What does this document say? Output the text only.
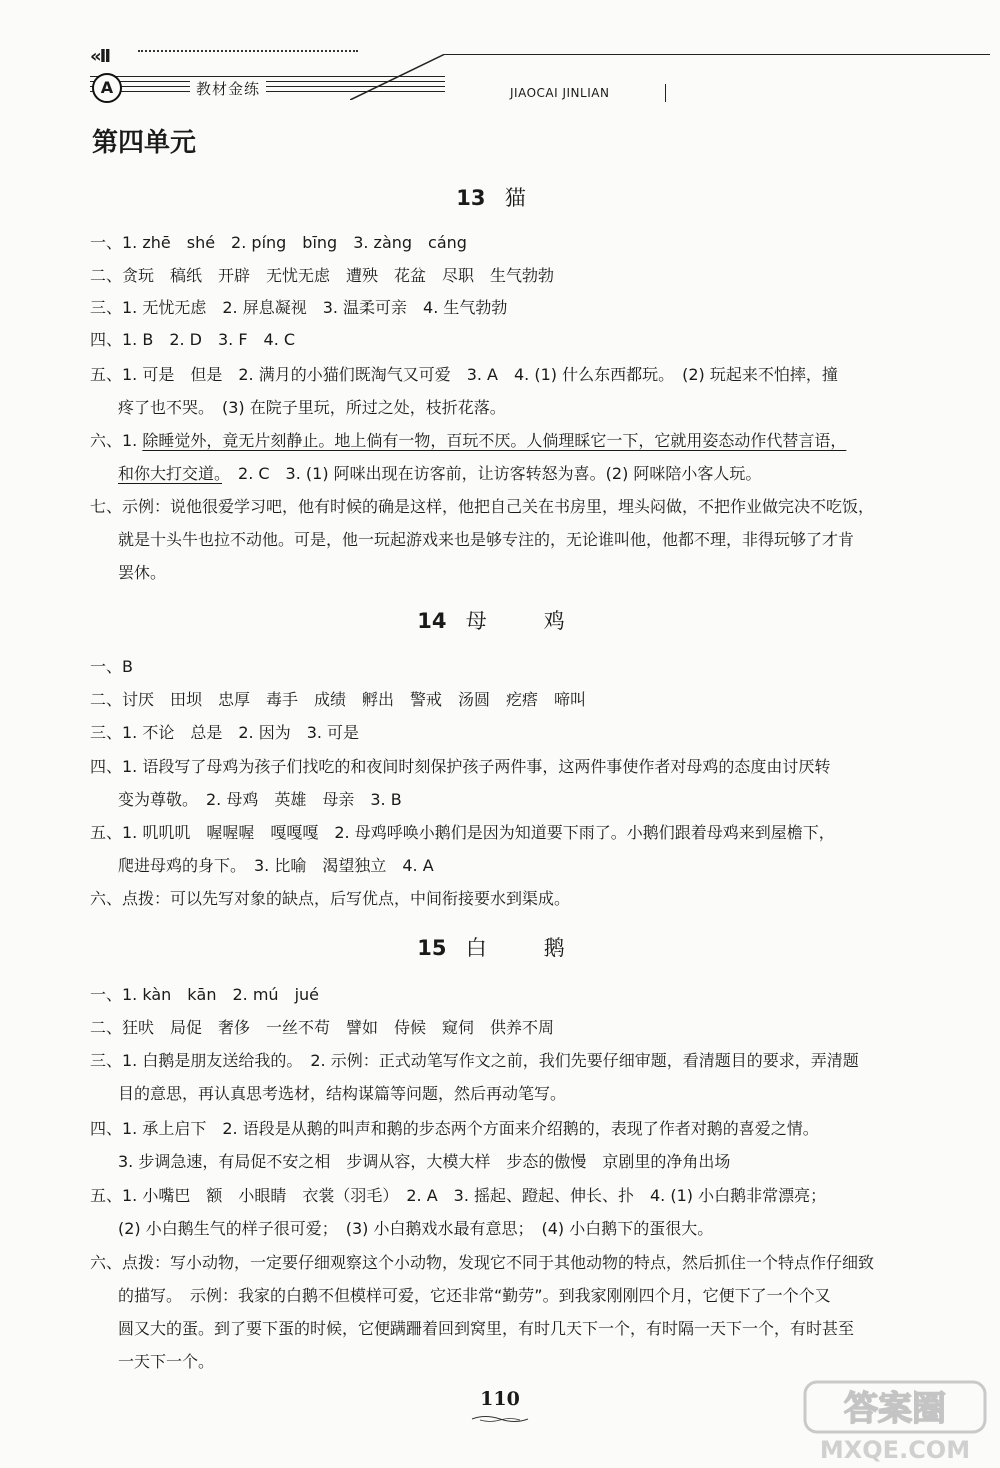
«II
A	教材金练	JIAOCAI JINLIAN
第四单元
13 猫
一、1. zhē　shé　2. píng　bīng　3. zàng　cáng
二、贪玩　稿纸　开辟　无忧无虑　遭殃　花盆　尽职　生气勃勃
三、1. 无忧无虑　2. 屏息凝视　3. 温柔可亲　4. 生气勃勃
四、1. B　2. D　3. F　4. C
五、1. 可是　但是　2. 满月的小猫们既淘气又可爱　3. A　4. (1) 什么东西都玩。　(2) 玩起来不怕摔，撞
疼了也不哭。　(3) 在院子里玩，所过之处，枝折花落。
六、1. 除睡觉外，竟无片刻静止。地上倘有一物，百玩不厌。人倘理睬它一下，它就用姿态动作代替言语，
和你大打交道。　 2. C　3. (1) 阿咪出现在访客前，让访客转怒为喜。(2) 阿咪陪小客人玩。
七、示例：说他很爱学习吧，他有时候的确是这样，他把自己关在书房里，埋头闷做，不把作业做完决不吃饭，
就是十头牛也拉不动他。可是，他一玩起游戏来也是够专注的，无论谁叫他，他都不理，非得玩够了才肯
罢休。
14 母　鸡
一、B
二、讨厌　田坝　忠厚　毒手　成绩　孵出　警戒　汤圆　疙瘩　啼叫
三、1. 不论　总是　2. 因为　3. 可是
四、1. 语段写了母鸡为孩子们找吃的和夜间时刻保护孩子两件事，这两件事使作者对母鸡的态度由讨厌转
变为尊敬。　2. 母鸡　英雄　母亲　3. B
五、1. 叽叽叽　喔喔喔　嘎嘎嘎　2. 母鸡呼唤小鹅们是因为知道要下雨了。小鹅们跟着母鸡来到屋檐下，
爬进母鸡的身下。　3. 比喻　渴望独立　4. A
六、点拨：可以先写对象的缺点，后写优点，中间衔接要水到渠成。
15 白　鹅
一、1. kàn　kān　2. mú　jué
二、狂吠　局促　奢侈　一丝不苟　譬如　侍候　窥伺　供养不周
三、1. 白鹅是朋友送给我的。　2. 示例：正式动笔写作文之前，我们先要仔细审题，看清题目的要求，弄清题
目的意思，再认真思考选材，结构谋篇等问题，然后再动笔写。
四、1. 承上启下　2. 语段是从鹅的叫声和鹅的步态两个方面来介绍鹅的，表现了作者对鹅的喜爱之情。
3. 步调急速，有局促不安之相　步调从容，大模大样　步态的傲慢　京剧里的净角出场
五、1. 小嘴巴　额　小眼睛　衣裳（羽毛）　2. A　3. 摇起、蹬起、伸长、扑　4. (1) 小白鹅非常漂亮；
(2) 小白鹅生气的样子很可爱；　(3) 小白鹅戏水最有意思；　(4) 小白鹅下的蛋很大。
六、点拨：写小动物，一定要仔细观察这个小动物，发现它不同于其他动物的特点，然后抓住一个特点作仔细致
的描写。　示例：我家的白鹅不但模样可爱，它还非常“勤劳”。到我家刚刚四个月，它便下了一个个又
圆又大的蛋。到了要下蛋的时候，它便蹒跚着回到窝里，有时几天下一个，有时隔一天下一个，有时甚至
一天下一个。
110	答案圈
MXQE.COM
